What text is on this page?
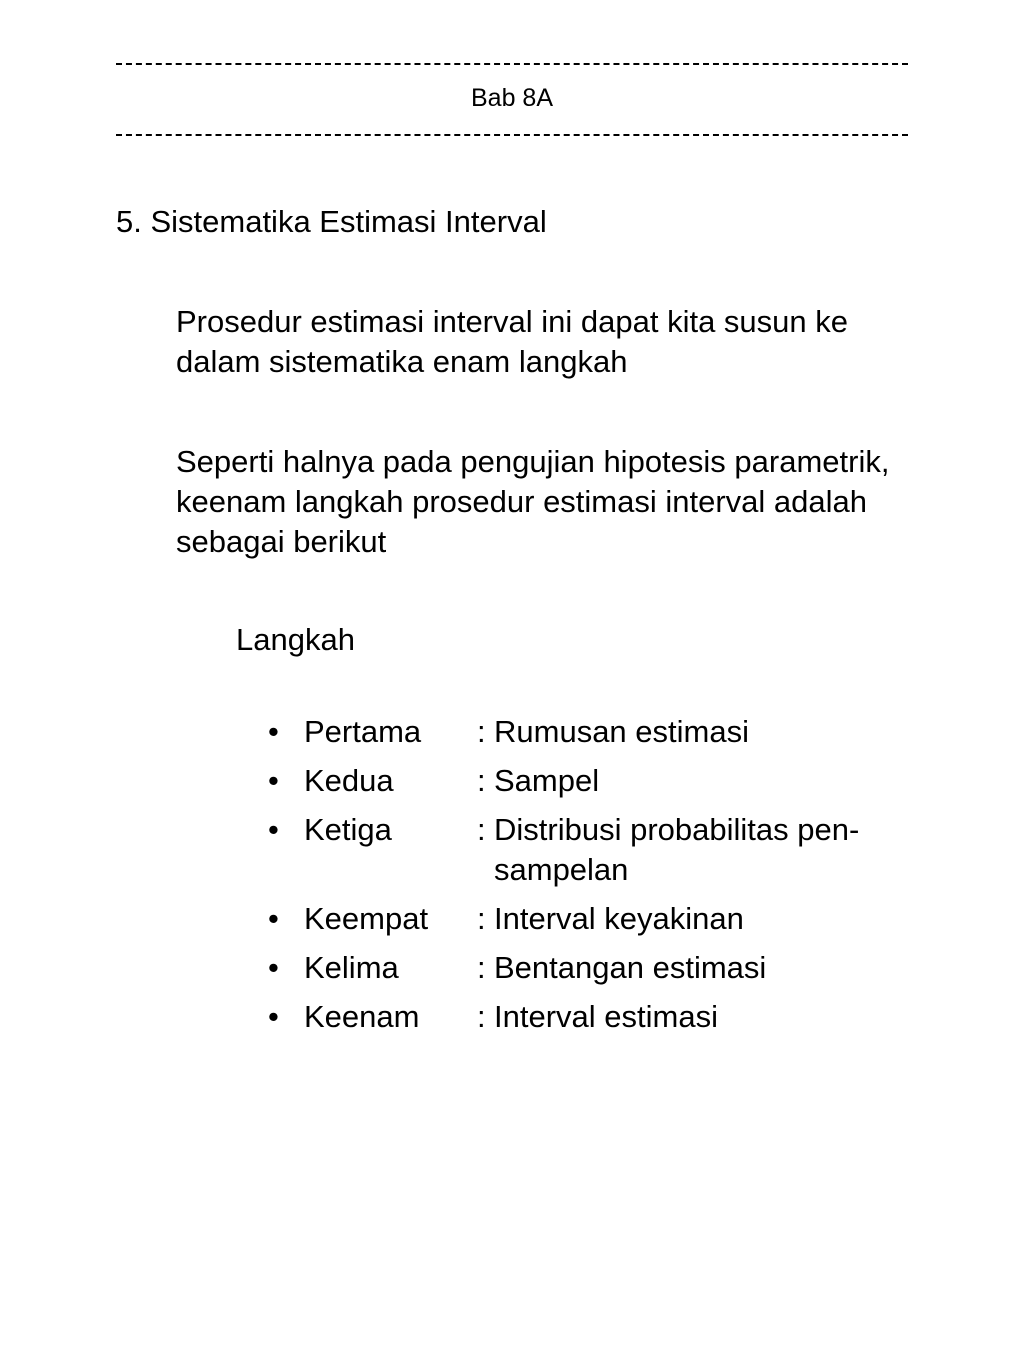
Bab 8A
5. Sistematika Estimasi Interval
Prosedur estimasi interval ini dapat kita susun ke dalam sistematika enam langkah
Seperti halnya pada pengujian hipotesis parametrik, keenam langkah prosedur estimasi interval adalah sebagai berikut
Langkah
• Pertama	: Rumusan estimasi
• Kedua	: Sampel
• Ketiga	: Distribusi probabilitas pen-sampelan
• Keempat	: Interval keyakinan
• Kelima	: Bentangan estimasi
• Keenam	: Interval estimasi
